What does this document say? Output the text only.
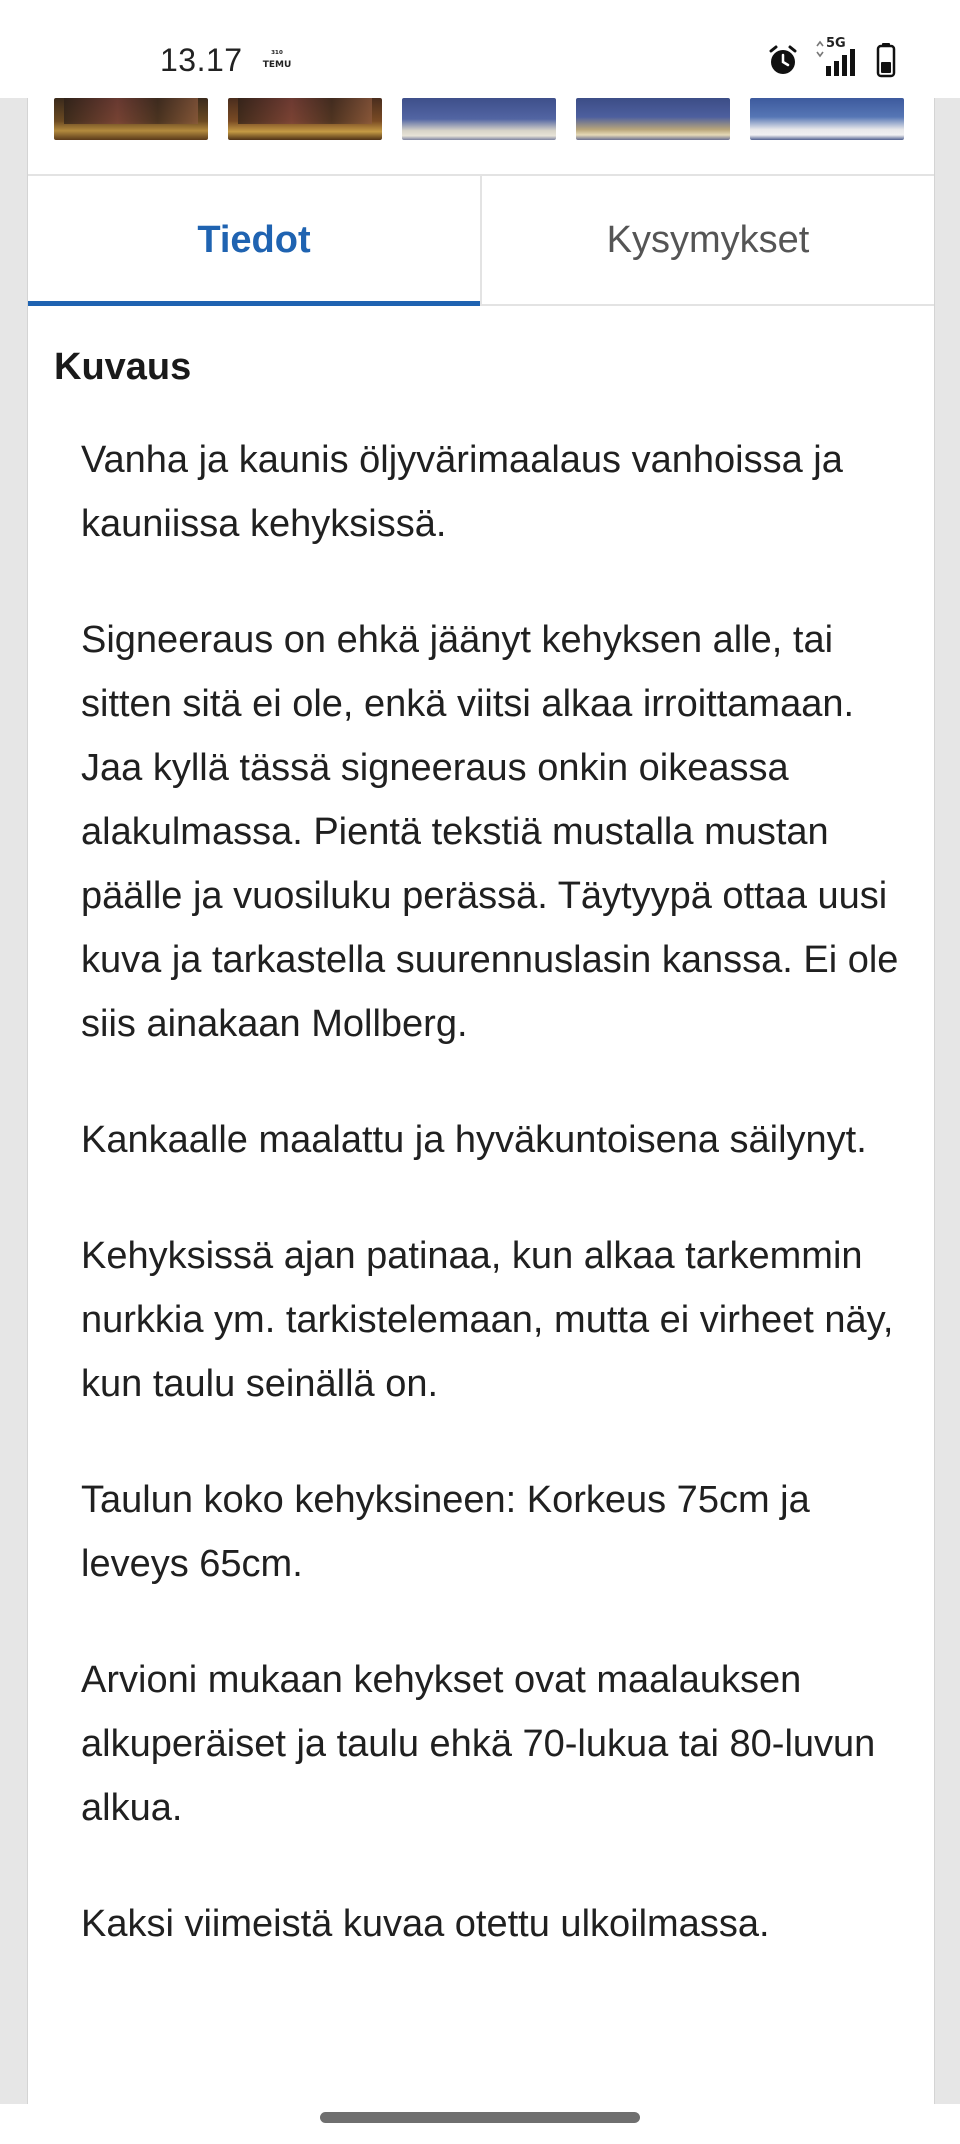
13.17	³¹⁰ TEMU
5G
Tiedot	Kysymykset
Kuvaus

Vanha ja kaunis öljyvärimaalaus vanhoissa ja kauniissa kehyksissä.

Signeeraus on ehkä jäänyt kehyksen alle, tai sitten sitä ei ole, enkä viitsi alkaa irroittamaan. Jaa kyllä tässä signeeraus onkin oikeassa alakulmassa. Pientä tekstiä mustalla mustan päälle ja vuosiluku perässä. Täytyypä ottaa uusi kuva ja tarkastella suurennuslasin kanssa. Ei ole siis ainakaan Mollberg.

Kankaalle maalattu ja hyväkuntoisena säilynyt.

Kehyksissä ajan patinaa, kun alkaa tarkemmin nurkkia ym. tarkistelemaan, mutta ei virheet näy, kun taulu seinällä on.

Taulun koko kehyksineen: Korkeus 75cm ja leveys 65cm.

Arvioni mukaan kehykset ovat maalauksen alkuperäiset ja taulu ehkä 70-lukua tai 80-luvun alkua.

Kaksi viimeistä kuvaa otettu ulkoilmassa.
